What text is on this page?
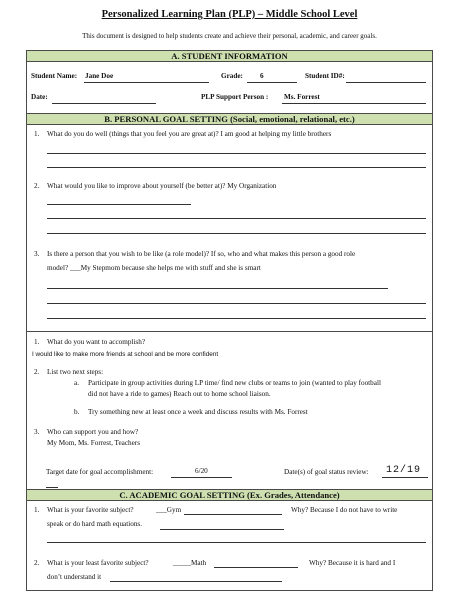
Personalized Learning Plan (PLP) – Middle School Level
This document is designed to help students create and achieve their personal, academic, and career goals.
A. STUDENT INFORMATION
Student Name: Jane Doe	Grade: 6	Student ID#:
Date:	PLP Support Person : Ms. Forrest
B. PERSONAL GOAL SETTING (Social, emotional, relational, etc.)
1. What do you do well (things that you feel you are great at)? I am good at helping my little brothers
2. What would you like to improve about yourself (be better at)? My Organization
3. Is there a person that you wish to be like (a role model)? If so, who and what makes this person a good role
model? ___My Stepmom because she helps me with stuff and she is smart
1. What do you want to accomplish?
I would like to make more friends at school and be more confident
2. List two next steps:
a. Participate in group activities during LP time/ find new clubs or teams to join (wanted to play football
did not have a ride to games) Reach out to home school liaison.
b. Try something new at least once a week and discuss results with Ms. Forrest
3. Who can support you and how?
My Mom, Ms. Forrest, Teachers
Target date for goal accomplishment:	6/20	Date(s) of goal status review: 12/19
C. ACADEMIC GOAL SETTING (Ex. Grades, Attendance)
1. What is your favorite subject?	___Gym	Why? Because I do not have to write
speak or do hard math equations.
2. What is your least favorite subject?	_____Math	Why? Because it is hard and I
don’t understand it
